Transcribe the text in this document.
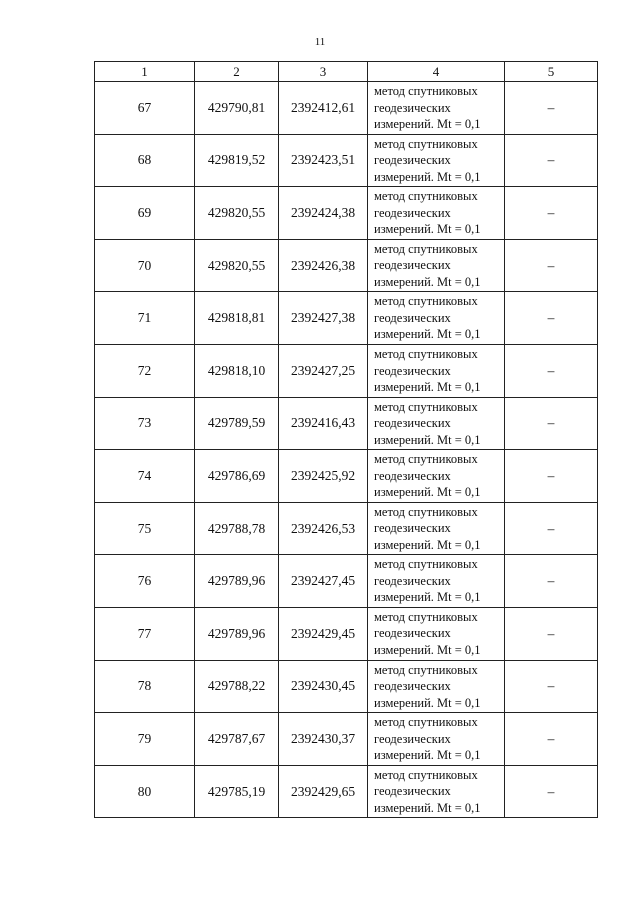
11
1	2	3	4	5
67	429790,81	2392412,61	метод спутниковых
геодезических
измерений. Mt = 0,1	–
68	429819,52	2392423,51	метод спутниковых
геодезических
измерений. Mt = 0,1	–
69	429820,55	2392424,38	метод спутниковых
геодезических
измерений. Mt = 0,1	–
70	429820,55	2392426,38	метод спутниковых
геодезических
измерений. Mt = 0,1	–
71	429818,81	2392427,38	метод спутниковых
геодезических
измерений. Mt = 0,1	–
72	429818,10	2392427,25	метод спутниковых
геодезических
измерений. Mt = 0,1	–
73	429789,59	2392416,43	метод спутниковых
геодезических
измерений. Mt = 0,1	–
74	429786,69	2392425,92	метод спутниковых
геодезических
измерений. Mt = 0,1	–
75	429788,78	2392426,53	метод спутниковых
геодезических
измерений. Mt = 0,1	–
76	429789,96	2392427,45	метод спутниковых
геодезических
измерений. Mt = 0,1	–
77	429789,96	2392429,45	метод спутниковых
геодезических
измерений. Mt = 0,1	–
78	429788,22	2392430,45	метод спутниковых
геодезических
измерений. Mt = 0,1	–
79	429787,67	2392430,37	метод спутниковых
геодезических
измерений. Mt = 0,1	–
80	429785,19	2392429,65	метод спутниковых
геодезических
измерений. Mt = 0,1	–
